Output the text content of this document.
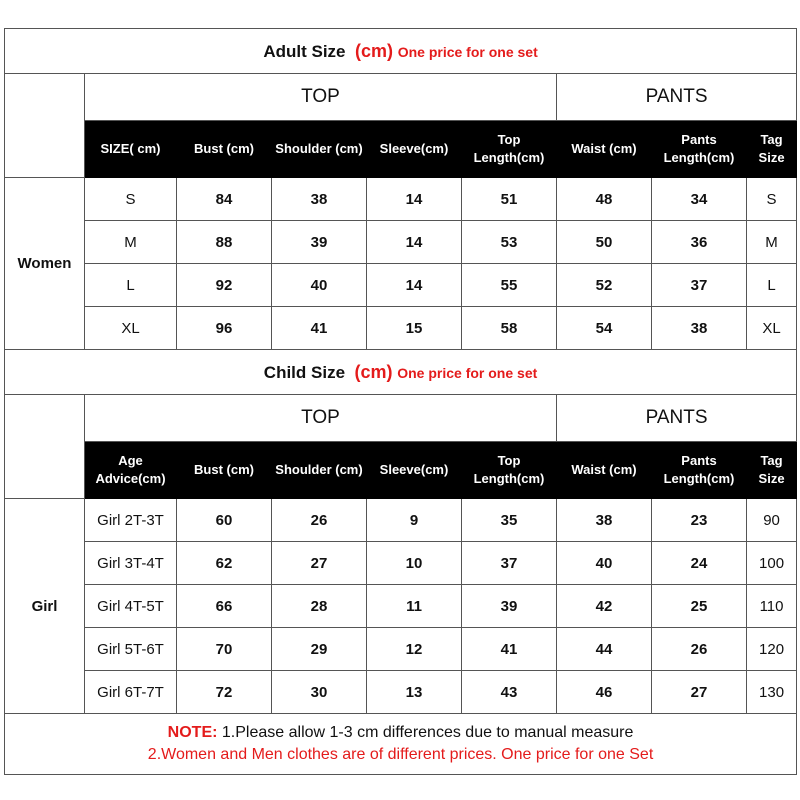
Adult Size (cm) One price for one set								
	TOP					PANTS		
	SIZE( cm)	Bust (cm)	Shoulder (cm)	Sleeve(cm)	Top Length(cm)	Waist (cm)	Pants Length(cm)	Tag Size
Women	S	84	38	14	51	48	34	S
	M	88	39	14	53	50	36	M
	L	92	40	14	55	52	37	L
	XL	96	41	15	58	54	38	XL
Child Size (cm) One price for one set								
	TOP					PANTS		
	Age Advice(cm)	Bust (cm)	Shoulder (cm)	Sleeve(cm)	Top Length(cm)	Waist (cm)	Pants Length(cm)	Tag Size
Girl	Girl 2T-3T	60	26	9	35	38	23	90
	Girl 3T-4T	62	27	10	37	40	24	100
	Girl 4T-5T	66	28	11	39	42	25	110
	Girl 5T-6T	70	29	12	41	44	26	120
	Girl 6T-7T	72	30	13	43	46	27	130

NOTE: 1.Please allow 1-3 cm differences due to manual measure
2.Women and Men clothes are of different prices. One price for one Set								
